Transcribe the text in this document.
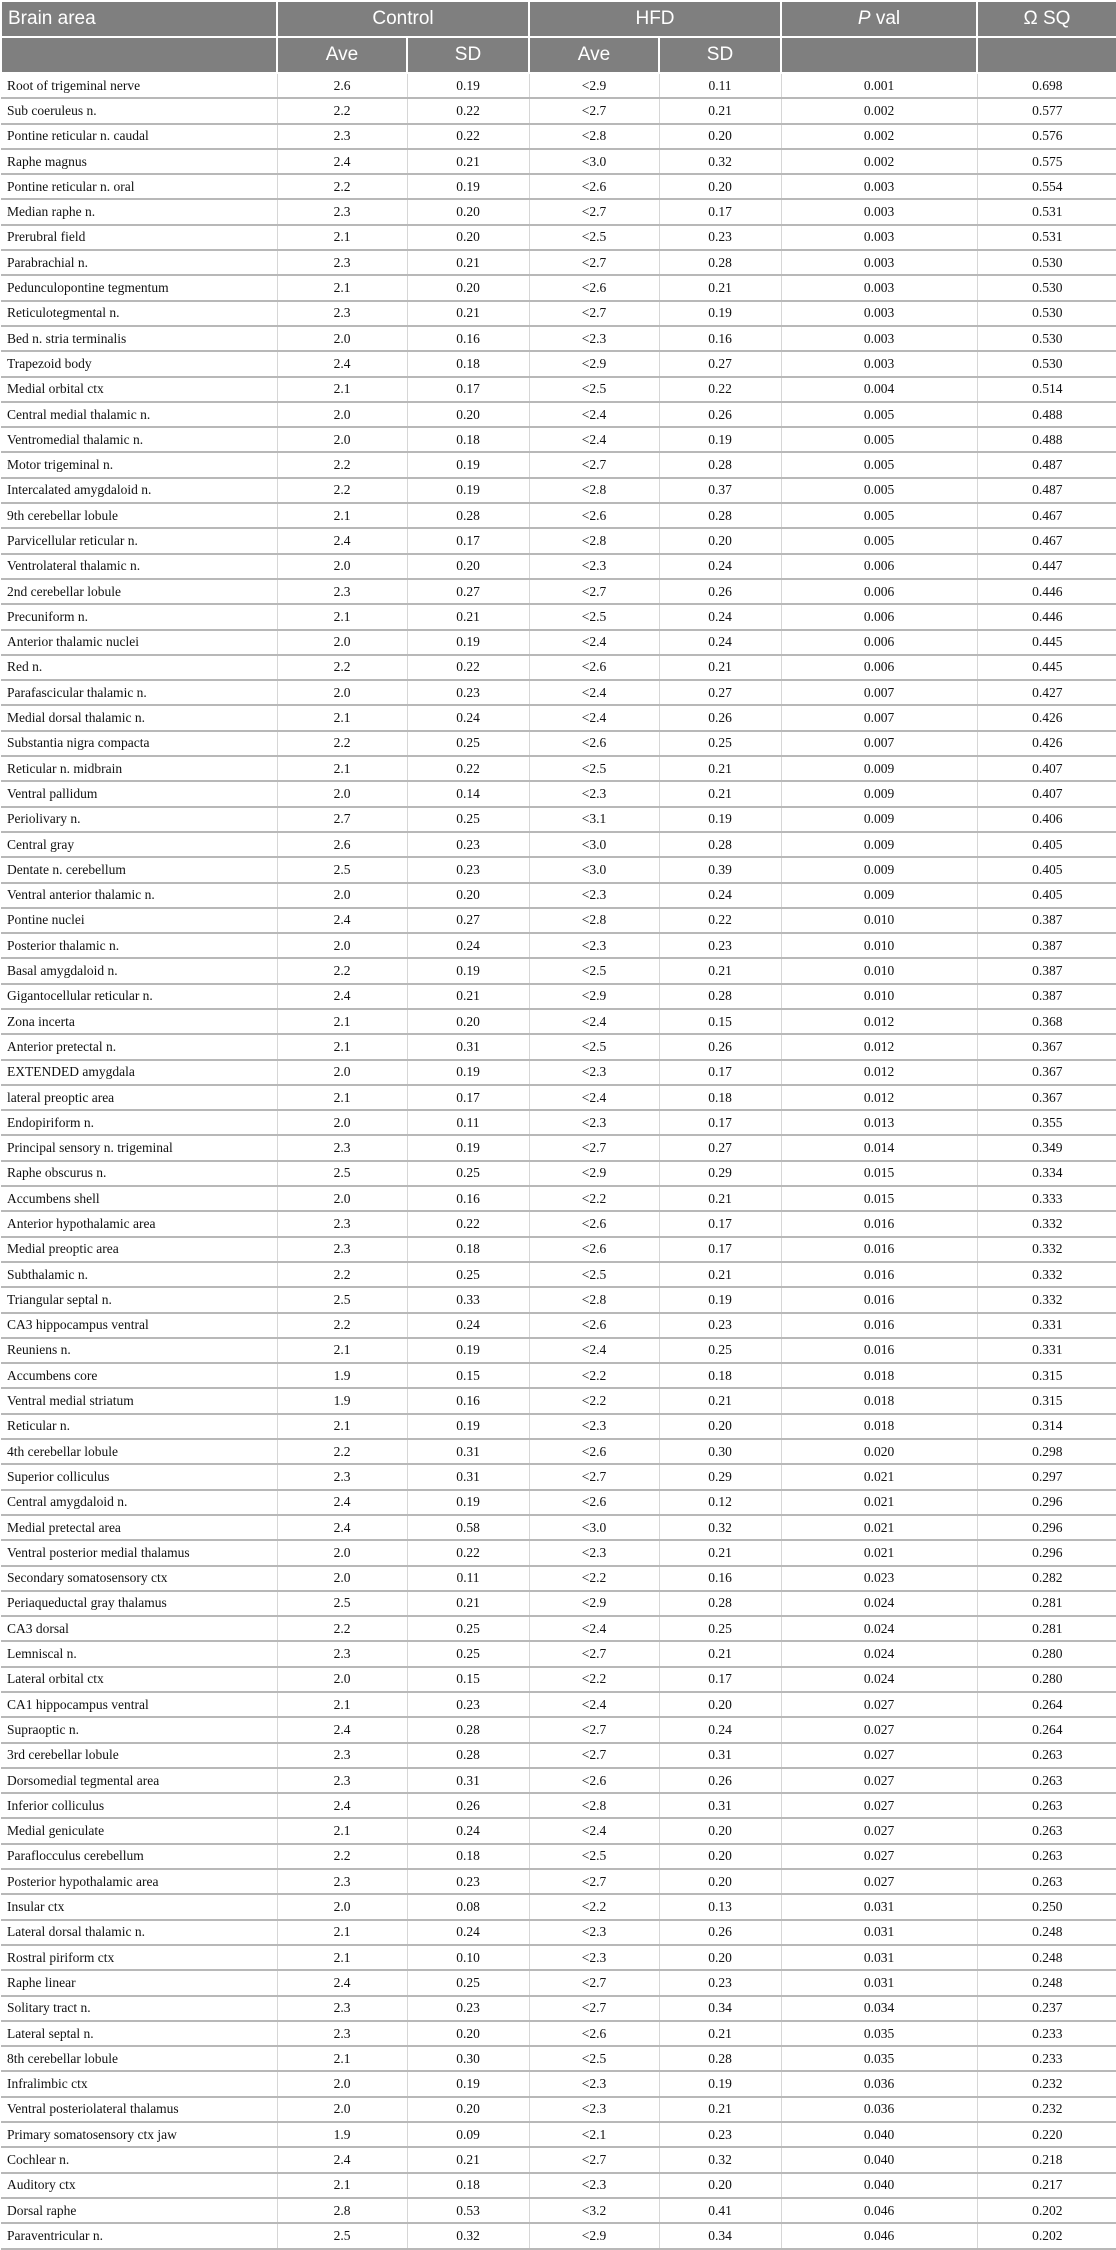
Brain area	Control		HFD		P val	Ω SQ
	Ave	SD	Ave	SD		
Root of trigeminal nerve	2.6	0.19	<2.9	0.11	0.001	0.698
Sub coeruleus n.	2.2	0.22	<2.7	0.21	0.002	0.577
Pontine reticular n. caudal	2.3	0.22	<2.8	0.20	0.002	0.576
Raphe magnus	2.4	0.21	<3.0	0.32	0.002	0.575
Pontine reticular n. oral	2.2	0.19	<2.6	0.20	0.003	0.554
Median raphe n.	2.3	0.20	<2.7	0.17	0.003	0.531
Prerubral field	2.1	0.20	<2.5	0.23	0.003	0.531
Parabrachial n.	2.3	0.21	<2.7	0.28	0.003	0.530
Pedunculopontine tegmentum	2.1	0.20	<2.6	0.21	0.003	0.530
Reticulotegmental n.	2.3	0.21	<2.7	0.19	0.003	0.530
Bed n. stria terminalis	2.0	0.16	<2.3	0.16	0.003	0.530
Trapezoid body	2.4	0.18	<2.9	0.27	0.003	0.530
Medial orbital ctx	2.1	0.17	<2.5	0.22	0.004	0.514
Central medial thalamic n.	2.0	0.20	<2.4	0.26	0.005	0.488
Ventromedial thalamic n.	2.0	0.18	<2.4	0.19	0.005	0.488
Motor trigeminal n.	2.2	0.19	<2.7	0.28	0.005	0.487
Intercalated amygdaloid n.	2.2	0.19	<2.8	0.37	0.005	0.487
9th cerebellar lobule	2.1	0.28	<2.6	0.28	0.005	0.467
Parvicellular reticular n.	2.4	0.17	<2.8	0.20	0.005	0.467
Ventrolateral thalamic n.	2.0	0.20	<2.3	0.24	0.006	0.447
2nd cerebellar lobule	2.3	0.27	<2.7	0.26	0.006	0.446
Precuniform n.	2.1	0.21	<2.5	0.24	0.006	0.446
Anterior thalamic nuclei	2.0	0.19	<2.4	0.24	0.006	0.445
Red n.	2.2	0.22	<2.6	0.21	0.006	0.445
Parafascicular thalamic n.	2.0	0.23	<2.4	0.27	0.007	0.427
Medial dorsal thalamic n.	2.1	0.24	<2.4	0.26	0.007	0.426
Substantia nigra compacta	2.2	0.25	<2.6	0.25	0.007	0.426
Reticular n. midbrain	2.1	0.22	<2.5	0.21	0.009	0.407
Ventral pallidum	2.0	0.14	<2.3	0.21	0.009	0.407
Periolivary n.	2.7	0.25	<3.1	0.19	0.009	0.406
Central gray	2.6	0.23	<3.0	0.28	0.009	0.405
Dentate n. cerebellum	2.5	0.23	<3.0	0.39	0.009	0.405
Ventral anterior thalamic n.	2.0	0.20	<2.3	0.24	0.009	0.405
Pontine nuclei	2.4	0.27	<2.8	0.22	0.010	0.387
Posterior thalamic n.	2.0	0.24	<2.3	0.23	0.010	0.387
Basal amygdaloid n.	2.2	0.19	<2.5	0.21	0.010	0.387
Gigantocellular reticular n.	2.4	0.21	<2.9	0.28	0.010	0.387
Zona incerta	2.1	0.20	<2.4	0.15	0.012	0.368
Anterior pretectal n.	2.1	0.31	<2.5	0.26	0.012	0.367
EXTENDED amygdala	2.0	0.19	<2.3	0.17	0.012	0.367
lateral preoptic area	2.1	0.17	<2.4	0.18	0.012	0.367
Endopiriform n.	2.0	0.11	<2.3	0.17	0.013	0.355
Principal sensory n. trigeminal	2.3	0.19	<2.7	0.27	0.014	0.349
Raphe obscurus n.	2.5	0.25	<2.9	0.29	0.015	0.334
Accumbens shell	2.0	0.16	<2.2	0.21	0.015	0.333
Anterior hypothalamic area	2.3	0.22	<2.6	0.17	0.016	0.332
Medial preoptic area	2.3	0.18	<2.6	0.17	0.016	0.332
Subthalamic n.	2.2	0.25	<2.5	0.21	0.016	0.332
Triangular septal n.	2.5	0.33	<2.8	0.19	0.016	0.332
CA3 hippocampus ventral	2.2	0.24	<2.6	0.23	0.016	0.331
Reuniens n.	2.1	0.19	<2.4	0.25	0.016	0.331
Accumbens core	1.9	0.15	<2.2	0.18	0.018	0.315
Ventral medial striatum	1.9	0.16	<2.2	0.21	0.018	0.315
Reticular n.	2.1	0.19	<2.3	0.20	0.018	0.314
4th cerebellar lobule	2.2	0.31	<2.6	0.30	0.020	0.298
Superior colliculus	2.3	0.31	<2.7	0.29	0.021	0.297
Central amygdaloid n.	2.4	0.19	<2.6	0.12	0.021	0.296
Medial pretectal area	2.4	0.58	<3.0	0.32	0.021	0.296
Ventral posterior medial thalamus	2.0	0.22	<2.3	0.21	0.021	0.296
Secondary somatosensory ctx	2.0	0.11	<2.2	0.16	0.023	0.282
Periaqueductal gray thalamus	2.5	0.21	<2.9	0.28	0.024	0.281
CA3 dorsal	2.2	0.25	<2.4	0.25	0.024	0.281
Lemniscal n.	2.3	0.25	<2.7	0.21	0.024	0.280
Lateral orbital ctx	2.0	0.15	<2.2	0.17	0.024	0.280
CA1 hippocampus ventral	2.1	0.23	<2.4	0.20	0.027	0.264
Supraoptic n.	2.4	0.28	<2.7	0.24	0.027	0.264
3rd cerebellar lobule	2.3	0.28	<2.7	0.31	0.027	0.263
Dorsomedial tegmental area	2.3	0.31	<2.6	0.26	0.027	0.263
Inferior colliculus	2.4	0.26	<2.8	0.31	0.027	0.263
Medial geniculate	2.1	0.24	<2.4	0.20	0.027	0.263
Paraflocculus cerebellum	2.2	0.18	<2.5	0.20	0.027	0.263
Posterior hypothalamic area	2.3	0.23	<2.7	0.20	0.027	0.263
Insular ctx	2.0	0.08	<2.2	0.13	0.031	0.250
Lateral dorsal thalamic n.	2.1	0.24	<2.3	0.26	0.031	0.248
Rostral piriform ctx	2.1	0.10	<2.3	0.20	0.031	0.248
Raphe linear	2.4	0.25	<2.7	0.23	0.031	0.248
Solitary tract n.	2.3	0.23	<2.7	0.34	0.034	0.237
Lateral septal n.	2.3	0.20	<2.6	0.21	0.035	0.233
8th cerebellar lobule	2.1	0.30	<2.5	0.28	0.035	0.233
Infralimbic ctx	2.0	0.19	<2.3	0.19	0.036	0.232
Ventral posteriolateral thalamus	2.0	0.20	<2.3	0.21	0.036	0.232
Primary somatosensory ctx jaw	1.9	0.09	<2.1	0.23	0.040	0.220
Cochlear n.	2.4	0.21	<2.7	0.32	0.040	0.218
Auditory ctx	2.1	0.18	<2.3	0.20	0.040	0.217
Dorsal raphe	2.8	0.53	<3.2	0.41	0.046	0.202
Paraventricular n.	2.5	0.32	<2.9	0.34	0.046	0.202
